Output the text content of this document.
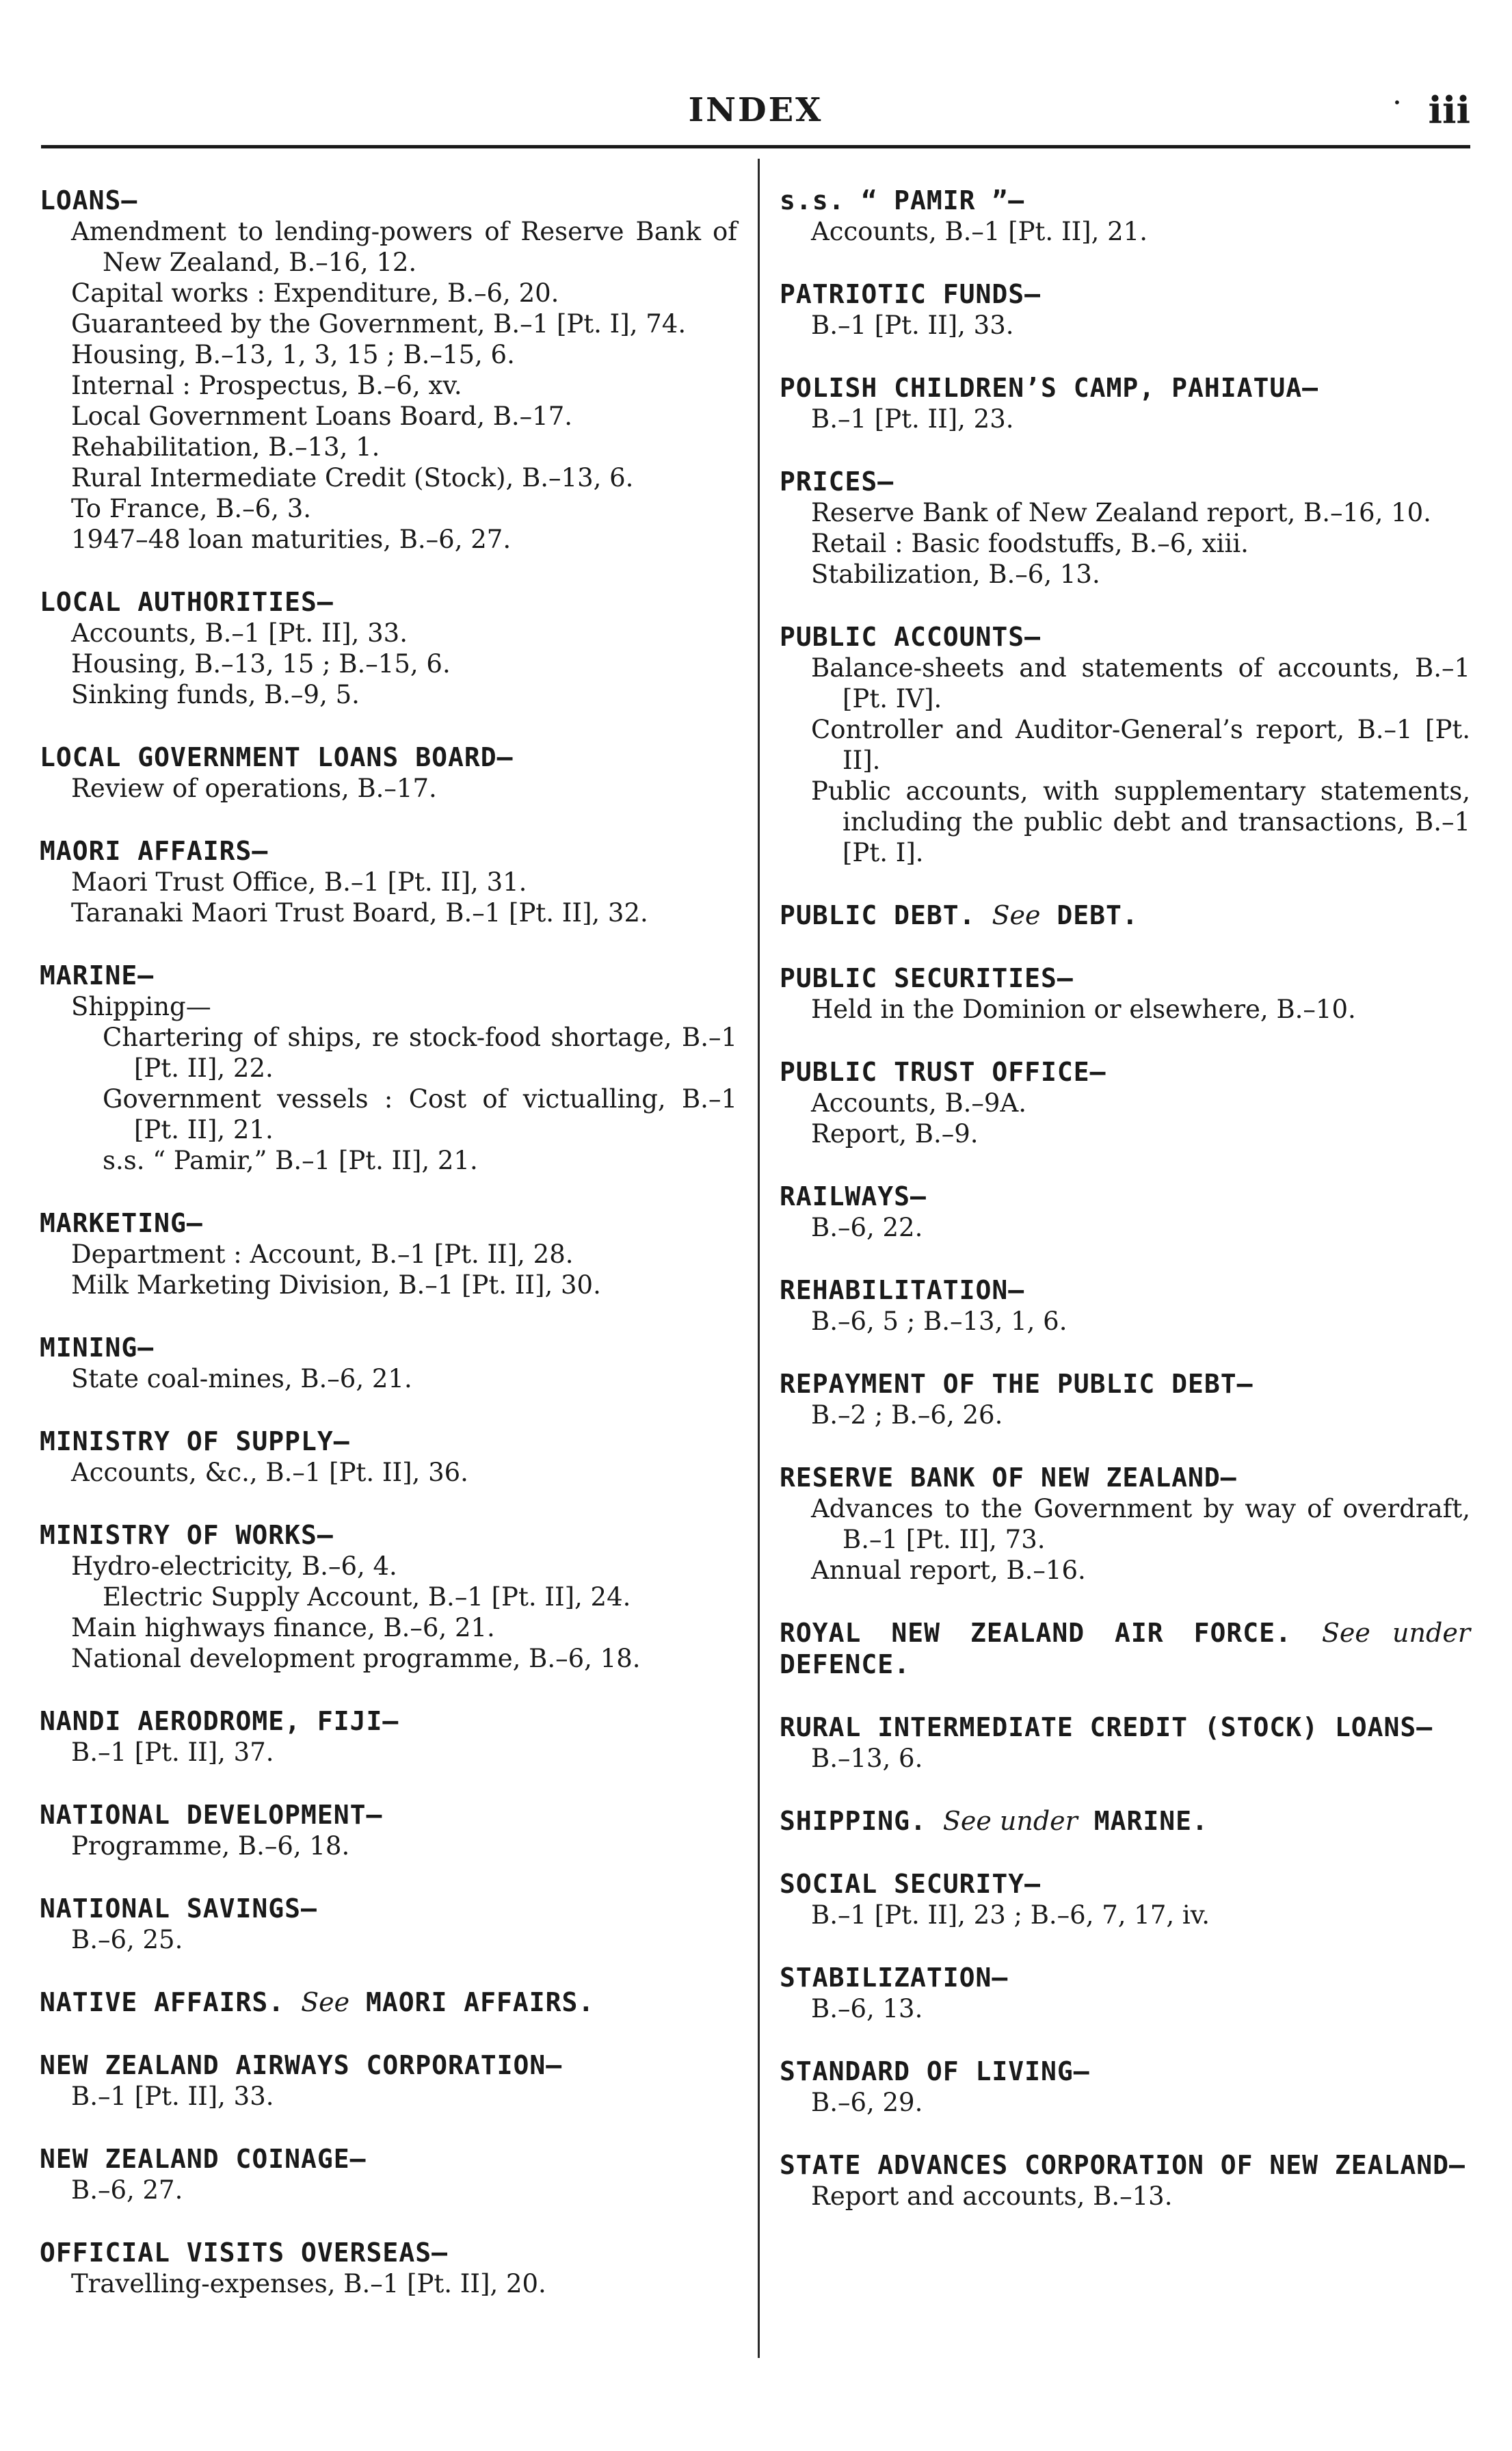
INDEX	· iii
LOANS—
Amendment to lending-powers of Reserve Bank of New Zealand, B.–16, 12.
Capital works : Expenditure, B.–6, 20.
Guaranteed by the Government, B.–1 [Pt. I], 74.
Housing, B.–13, 1, 3, 15 ; B.–15, 6.
Internal : Prospectus, B.–6, xv.
Local Government Loans Board, B.–17.
Rehabilitation, B.–13, 1.
Rural Intermediate Credit (Stock), B.–13, 6.
To France, B.–6, 3.
1947–48 loan maturities, B.–6, 27.
LOCAL AUTHORITIES—
Accounts, B.–1 [Pt. II], 33.
Housing, B.–13, 15 ; B.–15, 6.
Sinking funds, B.–9, 5.
LOCAL GOVERNMENT LOANS BOARD—
Review of operations, B.–17.
MAORI AFFAIRS—
Maori Trust Office, B.–1 [Pt. II], 31.
Taranaki Maori Trust Board, B.–1 [Pt. II], 32.
MARINE—
Shipping—
Chartering of ships, re stock-food shortage, B.–1 [Pt. II], 22.
Government vessels : Cost of victualling, B.–1 [Pt. II], 21.
s.s. “ Pamir,” B.–1 [Pt. II], 21.
MARKETING—
Department : Account, B.–1 [Pt. II], 28.
Milk Marketing Division, B.–1 [Pt. II], 30.
MINING—
State coal-mines, B.–6, 21.
MINISTRY OF SUPPLY—
Accounts, &c., B.–1 [Pt. II], 36.
MINISTRY OF WORKS—
Hydro-electricity, B.–6, 4.
Electric Supply Account, B.–1 [Pt. II], 24.
Main highways finance, B.–6, 21.
National development programme, B.–6, 18.
NANDI AERODROME, FIJI—
B.–1 [Pt. II], 37.
NATIONAL DEVELOPMENT—
Programme, B.–6, 18.
NATIONAL SAVINGS—
B.–6, 25.
NATIVE AFFAIRS. See MAORI AFFAIRS.
NEW ZEALAND AIRWAYS CORPORATION—
B.–1 [Pt. II], 33.
NEW ZEALAND COINAGE—
B.–6, 27.
OFFICIAL VISITS OVERSEAS—
Travelling-expenses, B.–1 [Pt. II], 20.
s.s. “ PAMIR ”—
Accounts, B.–1 [Pt. II], 21.
PATRIOTIC FUNDS—
B.–1 [Pt. II], 33.
POLISH CHILDREN’S CAMP, PAHIATUA—
B.–1 [Pt. II], 23.
PRICES—
Reserve Bank of New Zealand report, B.–16, 10.
Retail : Basic foodstuffs, B.–6, xiii.
Stabilization, B.–6, 13.
PUBLIC ACCOUNTS—
Balance-sheets and statements of accounts, B.–1 [Pt. IV].
Controller and Auditor-General’s report, B.–1 [Pt. II].
Public accounts, with supplementary statements, including the public debt and transactions, B.–1 [Pt. I].
PUBLIC DEBT. See DEBT.
PUBLIC SECURITIES—
Held in the Dominion or elsewhere, B.–10.
PUBLIC TRUST OFFICE—
Accounts, B.–9A.
Report, B.–9.
RAILWAYS—
B.–6, 22.
REHABILITATION—
B.–6, 5 ; B.–13, 1, 6.
REPAYMENT OF THE PUBLIC DEBT—
B.–2 ; B.–6, 26.
RESERVE BANK OF NEW ZEALAND—
Advances to the Government by way of overdraft, B.–1 [Pt. II], 73.
Annual report, B.–16.
ROYAL NEW ZEALAND AIR FORCE. See under DEFENCE.
RURAL INTERMEDIATE CREDIT (STOCK) LOANS—
B.–13, 6.
SHIPPING. See under MARINE.
SOCIAL SECURITY—
B.–1 [Pt. II], 23 ; B.–6, 7, 17, iv.
STABILIZATION—
B.–6, 13.
STANDARD OF LIVING—
B.–6, 29.
STATE ADVANCES CORPORATION OF NEW ZEALAND—
Report and accounts, B.–13.
